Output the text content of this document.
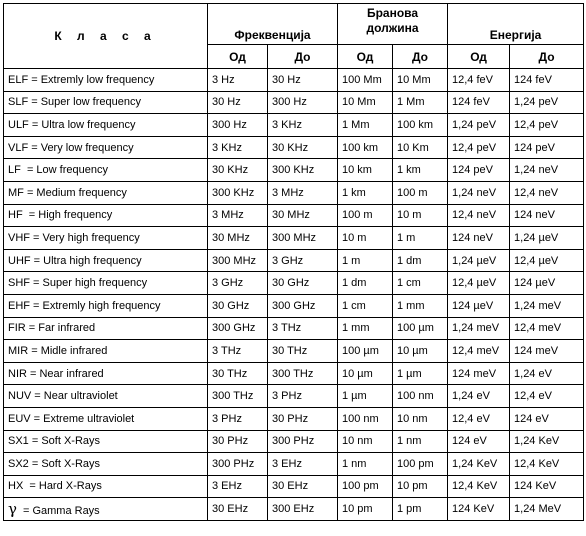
К л а с а	Фреквенција		Бранова должина		Енергија	
	Од	До	Од	До	Од	До
ELF = Extremly low frequency	3 Hz	30 Hz	100 Mm	10 Mm	12,4 feV	124 feV
SLF = Super low frequency	30 Hz	300 Hz	10 Mm	1 Mm	124 feV	1,24 peV
ULF = Ultra low frequency	300 Hz	3 KHz	1 Mm	100 km	1,24 peV	12,4 peV
VLF = Very low frequency	3 KHz	30 KHz	100 km	10 Km	12,4 peV	124 peV
LF  = Low frequency	30 KHz	300 KHz	10 km	1 km	124 peV	1,24 neV
MF = Medium frequency	300 KHz	3 MHz	1 km	100 m	1,24 neV	12,4 neV
HF  = High frequency	3 MHz	30 MHz	100 m	10 m	12,4 neV	124 neV
VHF = Very high frequency	30 MHz	300 MHz	10 m	1 m	124 neV	1,24 µeV
UHF = Ultra high frequency	300 MHz	3 GHz	1 m	1 dm	1,24 µeV	12,4 µeV
SHF = Super high frequency	3 GHz	30 GHz	1 dm	1 cm	12,4 µeV	124 µeV
EHF = Extremly high frequency	30 GHz	300 GHz	1 cm	1 mm	124 µeV	1,24 meV
FIR = Far infrared	300 GHz	3 THz	1 mm	100 µm	1,24 meV	12,4 meV
MIR = Midle infrared	3 THz	30 THz	100 µm	10 µm	12,4 meV	124 meV
NIR = Near infrared	30 THz	300 THz	10 µm	1 µm	124 meV	1,24 eV
NUV = Near ultraviolet	300 THz	3 PHz	1 µm	100 nm	1,24 eV	12,4 eV
EUV = Extreme ultraviolet	3 PHz	30 PHz	100 nm	10 nm	12,4 eV	124 eV
SX1 = Soft X-Rays	30 PHz	300 PHz	10 nm	1 nm	124 eV	1,24 KeV
SX2 = Soft X-Rays	300 PHz	3 EHz	1 nm	100 pm	1,24 KeV	12,4 KeV
HX  = Hard X-Rays	3 EHz	30 EHz	100 pm	10 pm	12,4 KeV	124 KeV
γ = Gamma Rays	30 EHz	300 EHz	10 pm	1 pm	124 KeV	1,24 MeV
